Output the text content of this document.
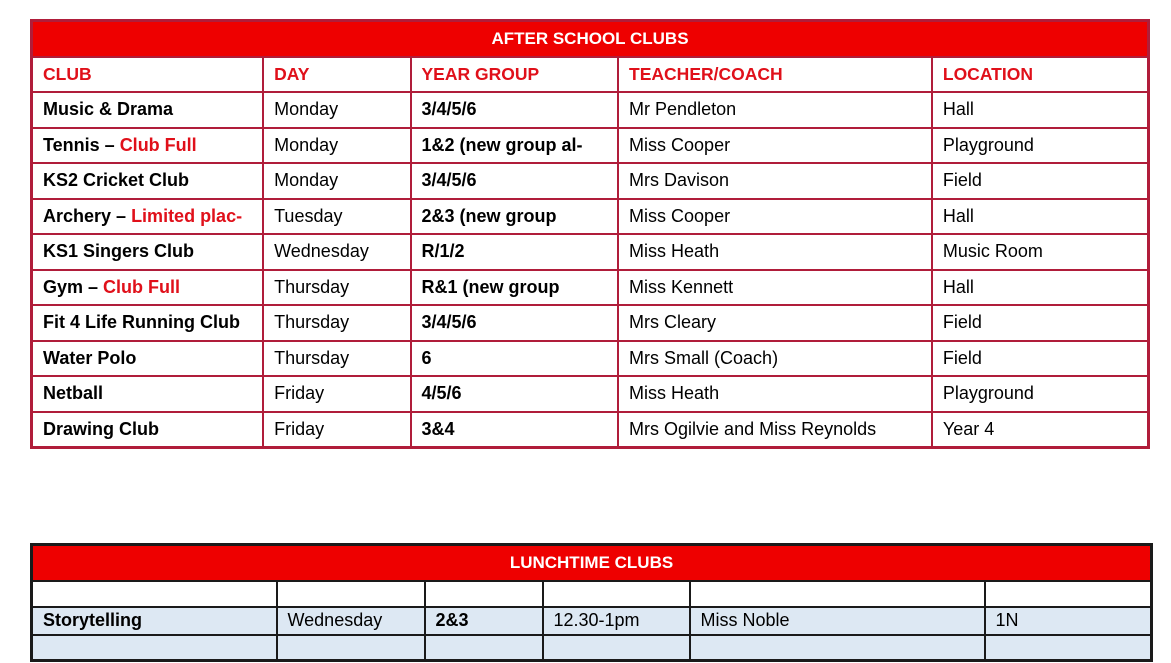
AFTER SCHOOL CLUBS				
CLUB	DAY	YEAR GROUP	TEACHER/COACH	LOCATION
Music & Drama	Monday	3/4/5/6	Mr Pendleton	Hall
Tennis – Club Full	Monday	1&2 (new group al-	Miss Cooper	Playground
KS2 Cricket Club	Monday	3/4/5/6	Mrs Davison	Field
Archery – Limited plac-	Tuesday	2&3 (new group	Miss Cooper	Hall
KS1 Singers Club	Wednesday	R/1/2	Miss Heath	Music Room
Gym – Club Full	Thursday	R&1 (new group	Miss Kennett	Hall
Fit 4 Life Running Club	Thursday	3/4/5/6	Mrs Cleary	Field
Water Polo	Thursday	6	Mrs Small (Coach)	Field
Netball	Friday	4/5/6	Miss Heath	Playground
Drawing Club	Friday	3&4	Mrs Ogilvie and Miss Reynolds	Year 4
LUNCHTIME CLUBS					

Storytelling	Wednesday	2&3	12.30-1pm	Miss Noble	1N
